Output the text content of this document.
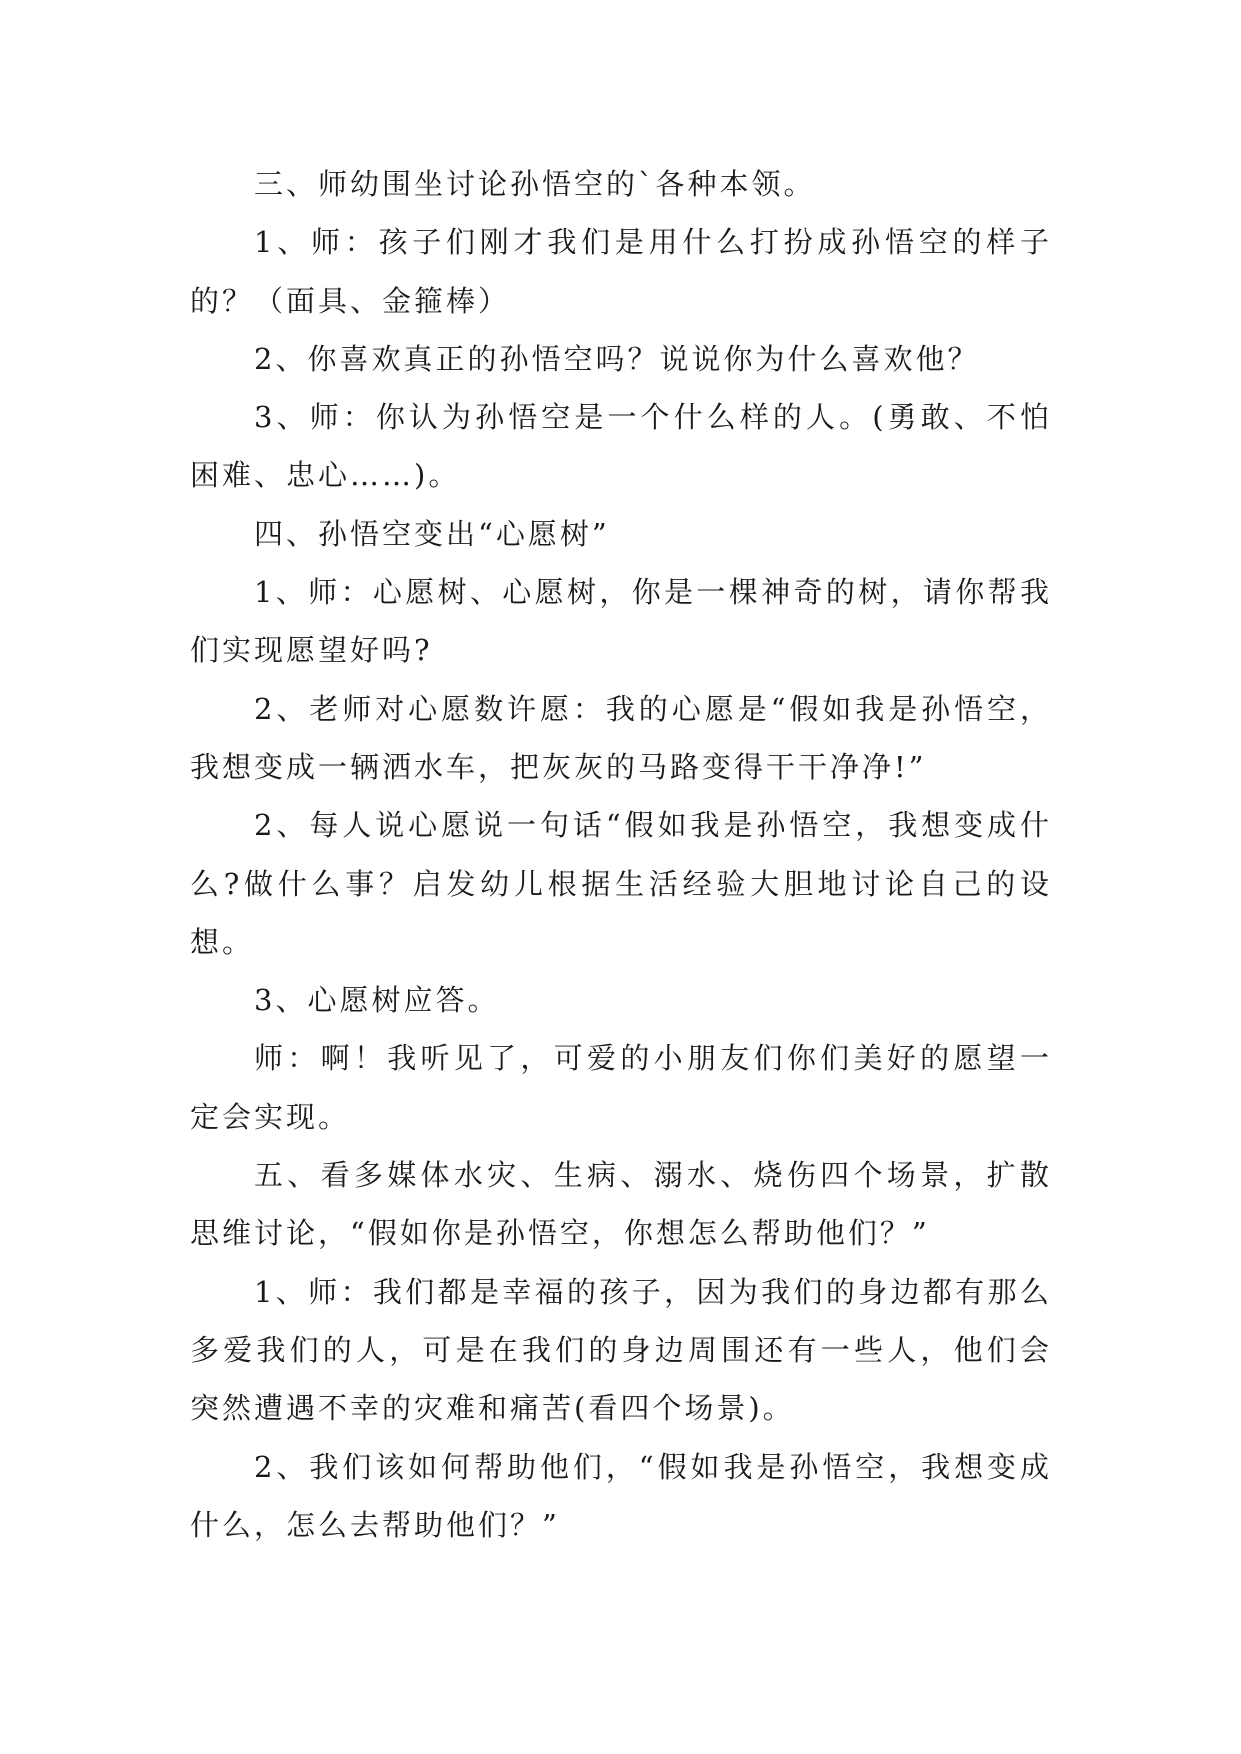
三、师幼围坐讨论孙悟空的`各种本领。

1、师：孩子们刚才我们是用什么打扮成孙悟空的样子的？（面具、金箍棒）

2、你喜欢真正的孙悟空吗？说说你为什么喜欢他？

3、师：你认为孙悟空是一个什么样的人。(勇敢、不怕困难、忠心……)。

四、孙悟空变出“心愿树”

1、师：心愿树、心愿树，你是一棵神奇的树，请你帮我们实现愿望好吗?

2、老师对心愿数许愿：我的心愿是“假如我是孙悟空，我想变成一辆洒水车，把灰灰的马路变得干干净净!”

2、每人说心愿说一句话“假如我是孙悟空，我想变成什么?做什么事？启发幼儿根据生活经验大胆地讨论自己的设想。

3、心愿树应答。

师：啊！我听见了，可爱的小朋友们你们美好的愿望一定会实现。

五、看多媒体水灾、生病、溺水、烧伤四个场景，扩散思维讨论，“假如你是孙悟空，你想怎么帮助他们？”

1、师：我们都是幸福的孩子，因为我们的身边都有那么多爱我们的人，可是在我们的身边周围还有一些人，他们会突然遭遇不幸的灾难和痛苦(看四个场景)。

2、我们该如何帮助他们，“假如我是孙悟空，我想变成什么，怎么去帮助他们？”
